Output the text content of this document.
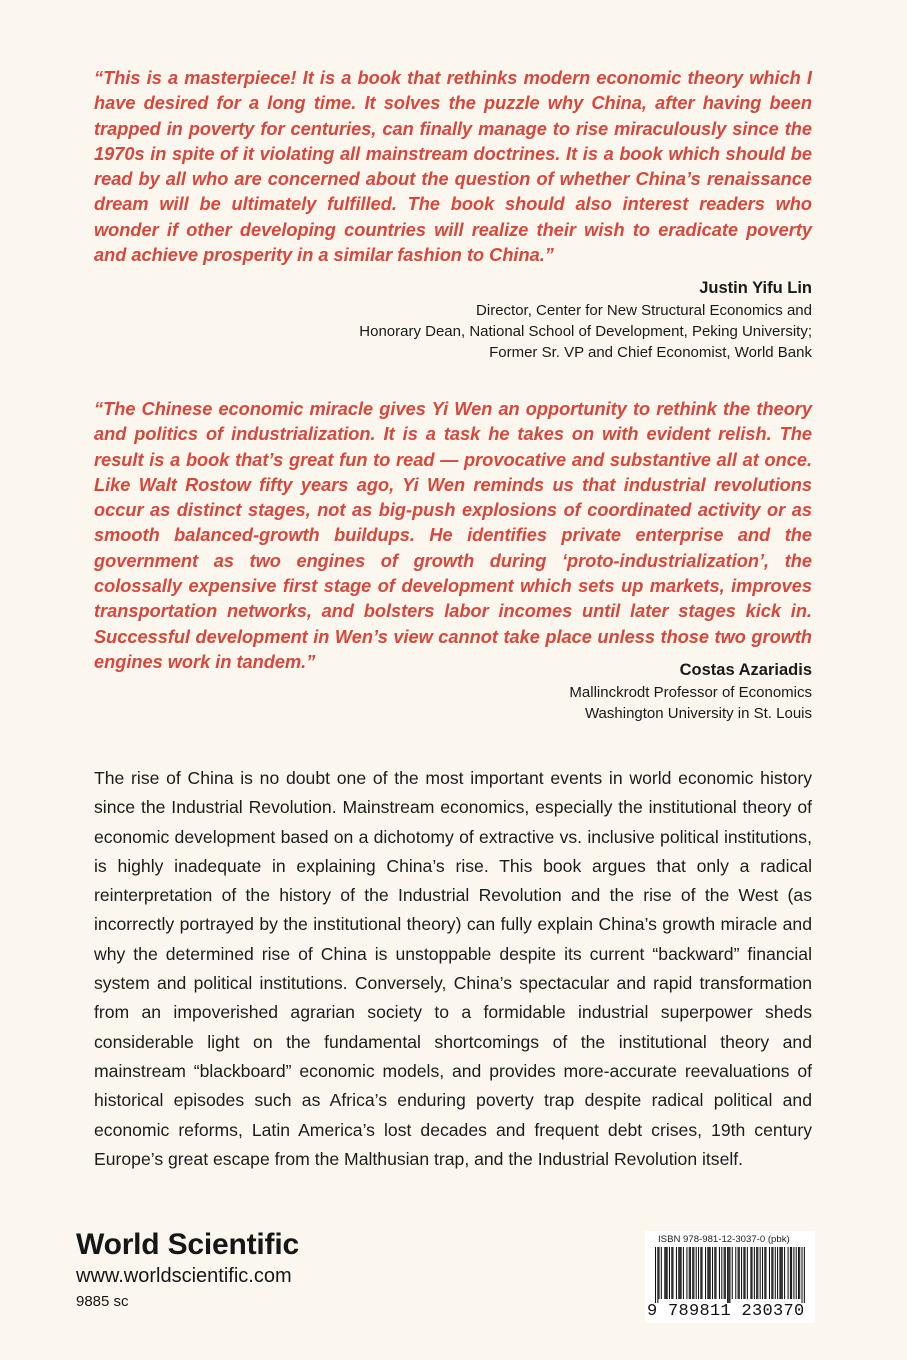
“This is a masterpiece! It is a book that rethinks modern economic theory which I have desired for a long time. It solves the puzzle why China, after having been trapped in poverty for centuries, can finally manage to rise miraculously since the 1970s in spite of it violating all mainstream doctrines. It is a book which should be read by all who are concerned about the question of whether China’s renaissance dream will be ultimately fulfilled. The book should also interest readers who wonder if other developing countries will realize their wish to eradicate poverty and achieve prosperity in a similar fashion to China.”
Justin Yifu Lin
Director, Center for New Structural Economics and
Honorary Dean, National School of Development, Peking University;
Former Sr. VP and Chief Economist, World Bank
“The Chinese economic miracle gives Yi Wen an opportunity to rethink the theory and politics of industrialization. It is a task he takes on with evident relish. The result is a book that’s great fun to read — provocative and substantive all at once. Like Walt Rostow fifty years ago, Yi Wen reminds us that industrial revolutions occur as distinct stages, not as big-push explosions of coordinated activity or as smooth balanced-growth buildups. He identifies private enterprise and the government as two engines of growth during ‘proto-industrialization’, the colossally expensive first stage of development which sets up markets, improves transportation networks, and bolsters labor incomes until later stages kick in. Successful development in Wen’s view cannot take place unless those two growth engines work in tandem.”	Costas Azariadis
Mallinckrodt Professor of Economics
Washington University in St. Louis
The rise of China is no doubt one of the most important events in world economic history since the Industrial Revolution. Mainstream economics, especially the institutional theory of economic development based on a dichotomy of extractive vs. inclusive political institutions, is highly inadequate in explaining China’s rise. This book argues that only a radical reinterpretation of the history of the Industrial Revolution and the rise of the West (as incorrectly portrayed by the institutional theory) can fully explain China’s growth miracle and why the determined rise of China is unstoppable despite its current “backward” financial system and political institutions. Conversely, China’s spectacular and rapid transformation from an impoverished agrarian society to a formidable industrial superpower sheds considerable light on the fundamental shortcomings of the institutional theory and mainstream “blackboard” economic models, and provides more-accurate reevaluations of historical episodes such as Africa’s enduring poverty trap despite radical political and economic reforms, Latin America’s lost decades and frequent debt crises, 19th century Europe’s great escape from the Malthusian trap, and the Industrial Revolution itself.
World Scientific
www.worldscientific.com
9885 sc
ISBN 978-981-12-3037-0 (pbk)
9 789811 230370
